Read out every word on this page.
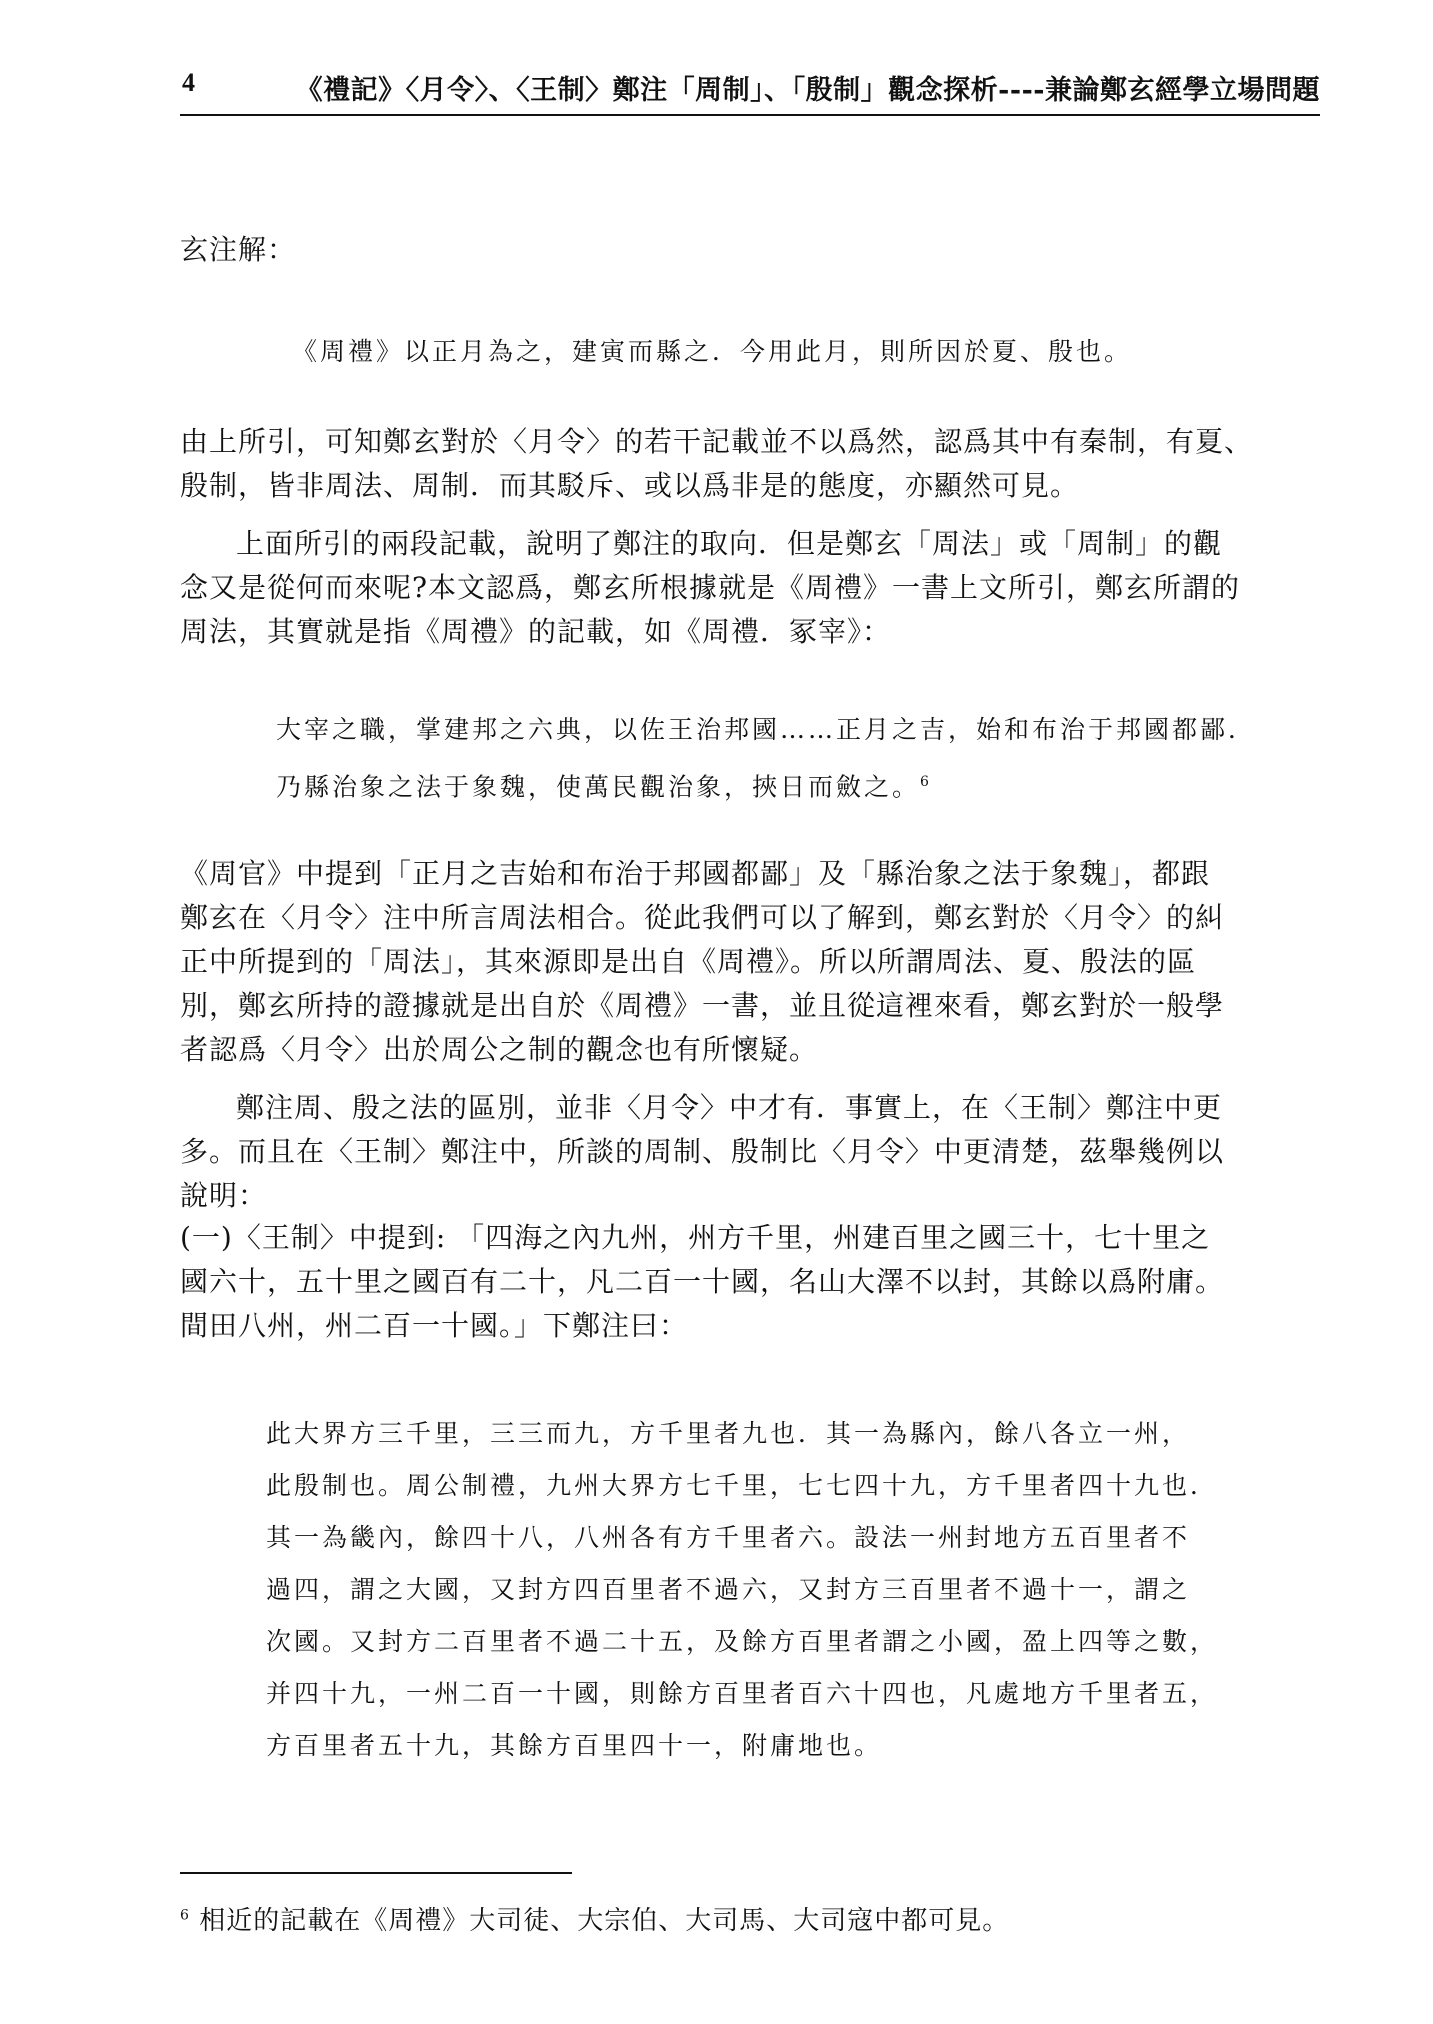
4	《禮記》〈月令〉、〈王制〉鄭注「周制」、「殷制」觀念探析----兼論鄭玄經學立場問題
玄注解：
《周禮》以正月為之，建寅而縣之．今用此月，則所因於夏、殷也。
由上所引，可知鄭玄對於〈月令〉的若干記載並不以爲然，認爲其中有秦制，有夏、
殷制，皆非周法、周制．而其駁斥、或以爲非是的態度，亦顯然可見。
上面所引的兩段記載，說明了鄭注的取向．但是鄭玄「周法」或「周制」的觀
念又是從何而來呢?本文認爲，鄭玄所根據就是《周禮》一書上文所引，鄭玄所謂的
周法，其實就是指《周禮》的記載，如《周禮．冢宰》：
大宰之職，掌建邦之六典，以佐王治邦國……正月之吉，始和布治于邦國都鄙．
乃縣治象之法于象魏，使萬民觀治象，挾日而斂之。$^6$
《周官》中提到「正月之吉始和布治于邦國都鄙」及「縣治象之法于象魏」，都跟
鄭玄在〈月令〉注中所言周法相合。從此我們可以了解到，鄭玄對於〈月令〉的糾
正中所提到的「周法」，其來源即是出自《周禮》。所以所謂周法、夏、殷法的區
別，鄭玄所持的證據就是出自於《周禮》一書，並且從這裡來看，鄭玄對於一般學
者認爲〈月令〉出於周公之制的觀念也有所懷疑。
鄭注周、殷之法的區別，並非〈月令〉中才有．事實上，在〈王制〉鄭注中更
多。而且在〈王制〉鄭注中，所談的周制、殷制比〈月令〉中更清楚，茲舉幾例以
說明：
(一)〈王制〉中提到: 「四海之內九州，州方千里，州建百里之國三十，七十里之
國六十，五十里之國百有二十，凡二百一十國，名山大澤不以封，其餘以爲附庸。
間田八州，州二百一十國。」下鄭注曰：
此大界方三千里，三三而九，方千里者九也．其一為縣內，餘八各立一州，
此殷制也。周公制禮，九州大界方七千里，七七四十九，方千里者四十九也．
其一為畿內，餘四十八，八州各有方千里者六。設法一州封地方五百里者不
過四，謂之大國，又封方四百里者不過六，又封方三百里者不過十一，謂之
次國。又封方二百里者不過二十五，及餘方百里者謂之小國，盈上四等之數，
并四十九，一州二百一十國，則餘方百里者百六十四也，凡處地方千里者五，
方百里者五十九，其餘方百里四十一，附庸地也。
$^6$ 相近的記載在《周禮》大司徒、大宗伯、大司馬、大司寇中都可見。
